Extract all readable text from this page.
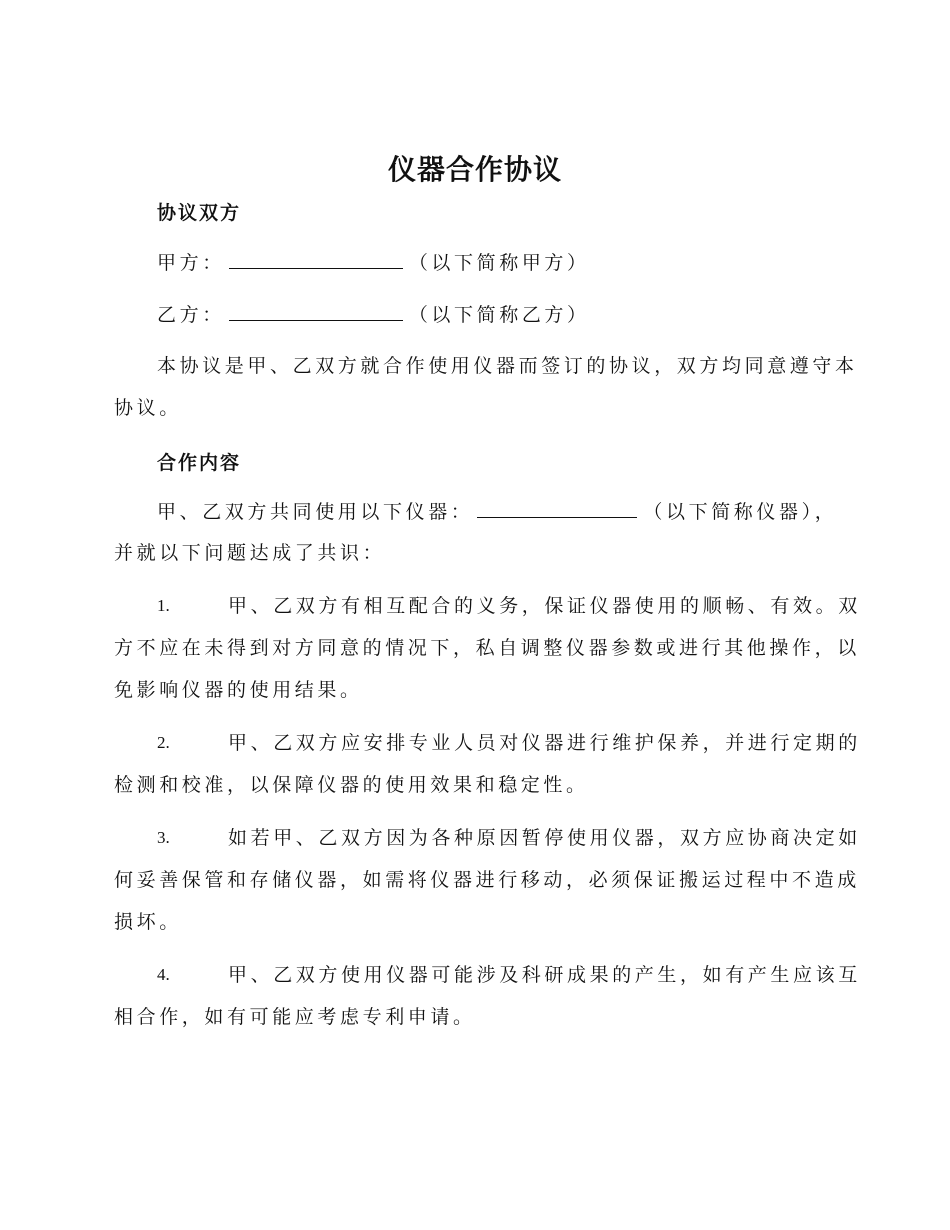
仪器合作协议
协议双方
甲方：	（以下简称甲方）
乙方：	（以下简称乙方）
本协议是甲、乙双方就合作使用仪器而签订的协议，双方均同意遵守本
协议。
合作内容
甲、乙双方共同使用以下仪器：	（以下简称仪器），
并就以下问题达成了共识：
1.	甲、乙双方有相互配合的义务，保证仪器使用的顺畅、有效。双
方不应在未得到对方同意的情况下，私自调整仪器参数或进行其他操作，以
免影响仪器的使用结果。
2.	甲、乙双方应安排专业人员对仪器进行维护保养，并进行定期的
检测和校准，以保障仪器的使用效果和稳定性。
3.	如若甲、乙双方因为各种原因暂停使用仪器，双方应协商决定如
何妥善保管和存储仪器，如需将仪器进行移动，必须保证搬运过程中不造成
损坏。
4.	甲、乙双方使用仪器可能涉及科研成果的产生，如有产生应该互
相合作，如有可能应考虑专利申请。
